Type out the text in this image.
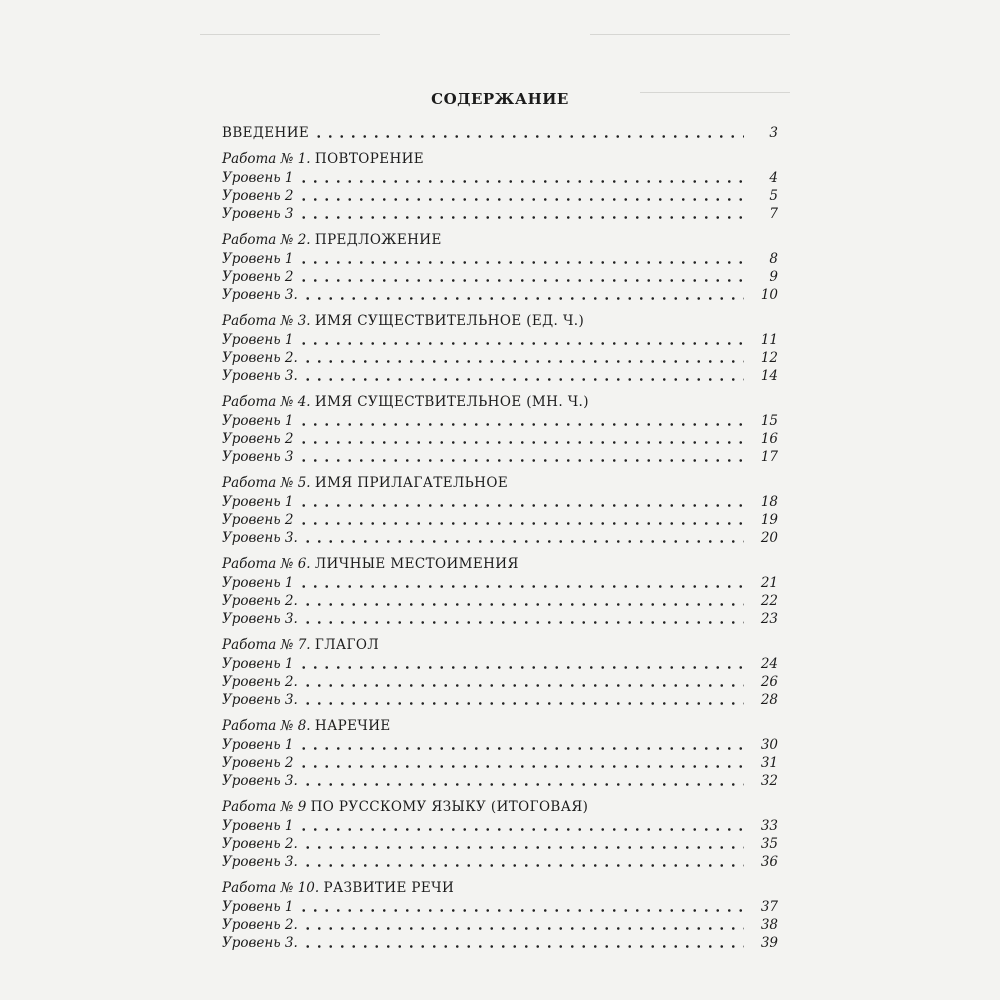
СОДЕРЖАНИЕ
ВВЕДЕНИЕ	3
Работа № 1. ПОВТОРЕНИЕ
Уровень 1	4
Уровень 2	5
Уровень 3	7
Работа № 2. ПРЕДЛОЖЕНИЕ
Уровень 1	8
Уровень 2	9
Уровень 3.	10
Работа № 3. ИМЯ СУЩЕСТВИТЕЛЬНОЕ (ЕД. Ч.)
Уровень 1	11
Уровень 2.	12
Уровень 3.	14
Работа № 4. ИМЯ СУЩЕСТВИТЕЛЬНОЕ (МН. Ч.)
Уровень 1	15
Уровень 2	16
Уровень 3	17
Работа № 5. ИМЯ ПРИЛАГАТЕЛЬНОЕ
Уровень 1	18
Уровень 2	19
Уровень 3.	20
Работа № 6. ЛИЧНЫЕ МЕСТОИМЕНИЯ
Уровень 1	21
Уровень 2.	22
Уровень 3.	23
Работа № 7. ГЛАГОЛ
Уровень 1	24
Уровень 2.	26
Уровень 3.	28
Работа № 8. НАРЕЧИЕ
Уровень 1	30
Уровень 2	31
Уровень 3.	32
Работа № 9 ПО РУССКОМУ ЯЗЫКУ (ИТОГОВАЯ)
Уровень 1	33
Уровень 2.	35
Уровень 3.	36
Работа № 10. РАЗВИТИЕ РЕЧИ
Уровень 1	37
Уровень 2.	38
Уровень 3.	39
